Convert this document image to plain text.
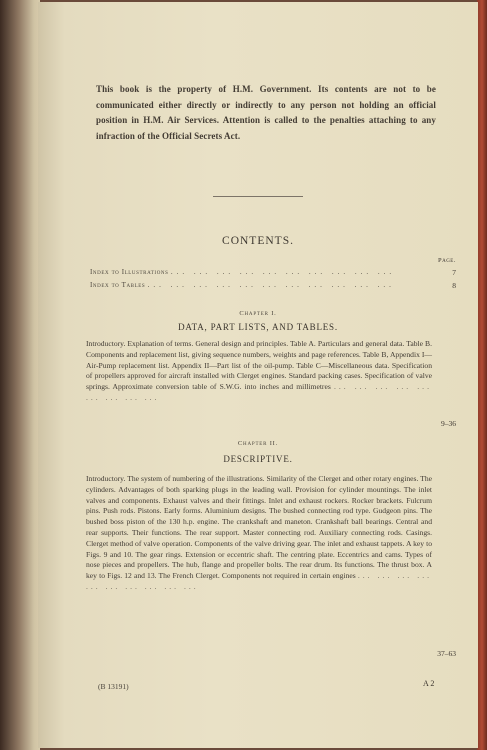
This book is the property of H.M. Government. Its contents are not to be communicated either directly or indirectly to any person not holding an official position in H.M. Air Services. Attention is called to the penalties attaching to any infraction of the Official Secrets Act.
CONTENTS.
Page.
Index to Illustrations ... ... ... ... ... ... ... ... ... ...	7
Index to Tables ... ... ... ... ... ... ... ... ... ... ...	8
Chapter I.
DATA, PART LISTS, AND TABLES.
Introductory. Explanation of terms. General design and principles. Table A. Particulars and general data. Table B. Components and replacement list, giving sequence numbers, weights and page references. Table B, Appendix I—Air-Pump replacement list. Appendix II—Part list of the oil-pump. Table C—Miscellaneous data. Specification of propellers approved for aircraft installed with Clerget engines. Standard packing cases. Specification of valve springs. Approximate conversion table of S.W.G. into inches and millimetres ... ... ... ... ... ... ... ... ...
9–36
Chapter II.
DESCRIPTIVE.
Introductory. The system of numbering of the illustrations. Similarity of the Clerget and other rotary engines. The cylinders. Advantages of both sparking plugs in the leading wall. Provision for cylinder mountings. The inlet valves and components. Exhaust valves and their fittings. Inlet and exhaust rockers. Rocker brackets. Fulcrum pins. Push rods. Pistons. Early forms. Aluminium designs. The bushed connecting rod type. Gudgeon pins. The bushed boss piston of the 130 h.p. engine. The crankshaft and maneton. Crankshaft ball bearings. Central and rear supports. Their functions. The rear support. Master connecting rod. Auxiliary connecting rods. Casings. Clerget method of valve operation. Components of the valve driving gear. The inlet and exhaust tappets. A key to Figs. 9 and 10. The gear rings. Extension or eccentric shaft. The centring plate. Eccentrics and cams. Types of nose pieces and propellers. The hub, flange and propeller bolts. The rear drum. Its functions. The thrust box. A key to Figs. 12 and 13. The French Clerget. Components not required in certain engines ... ... ... ... ... ... ... ... ... ...
37–63
(B 13191)	A 2
